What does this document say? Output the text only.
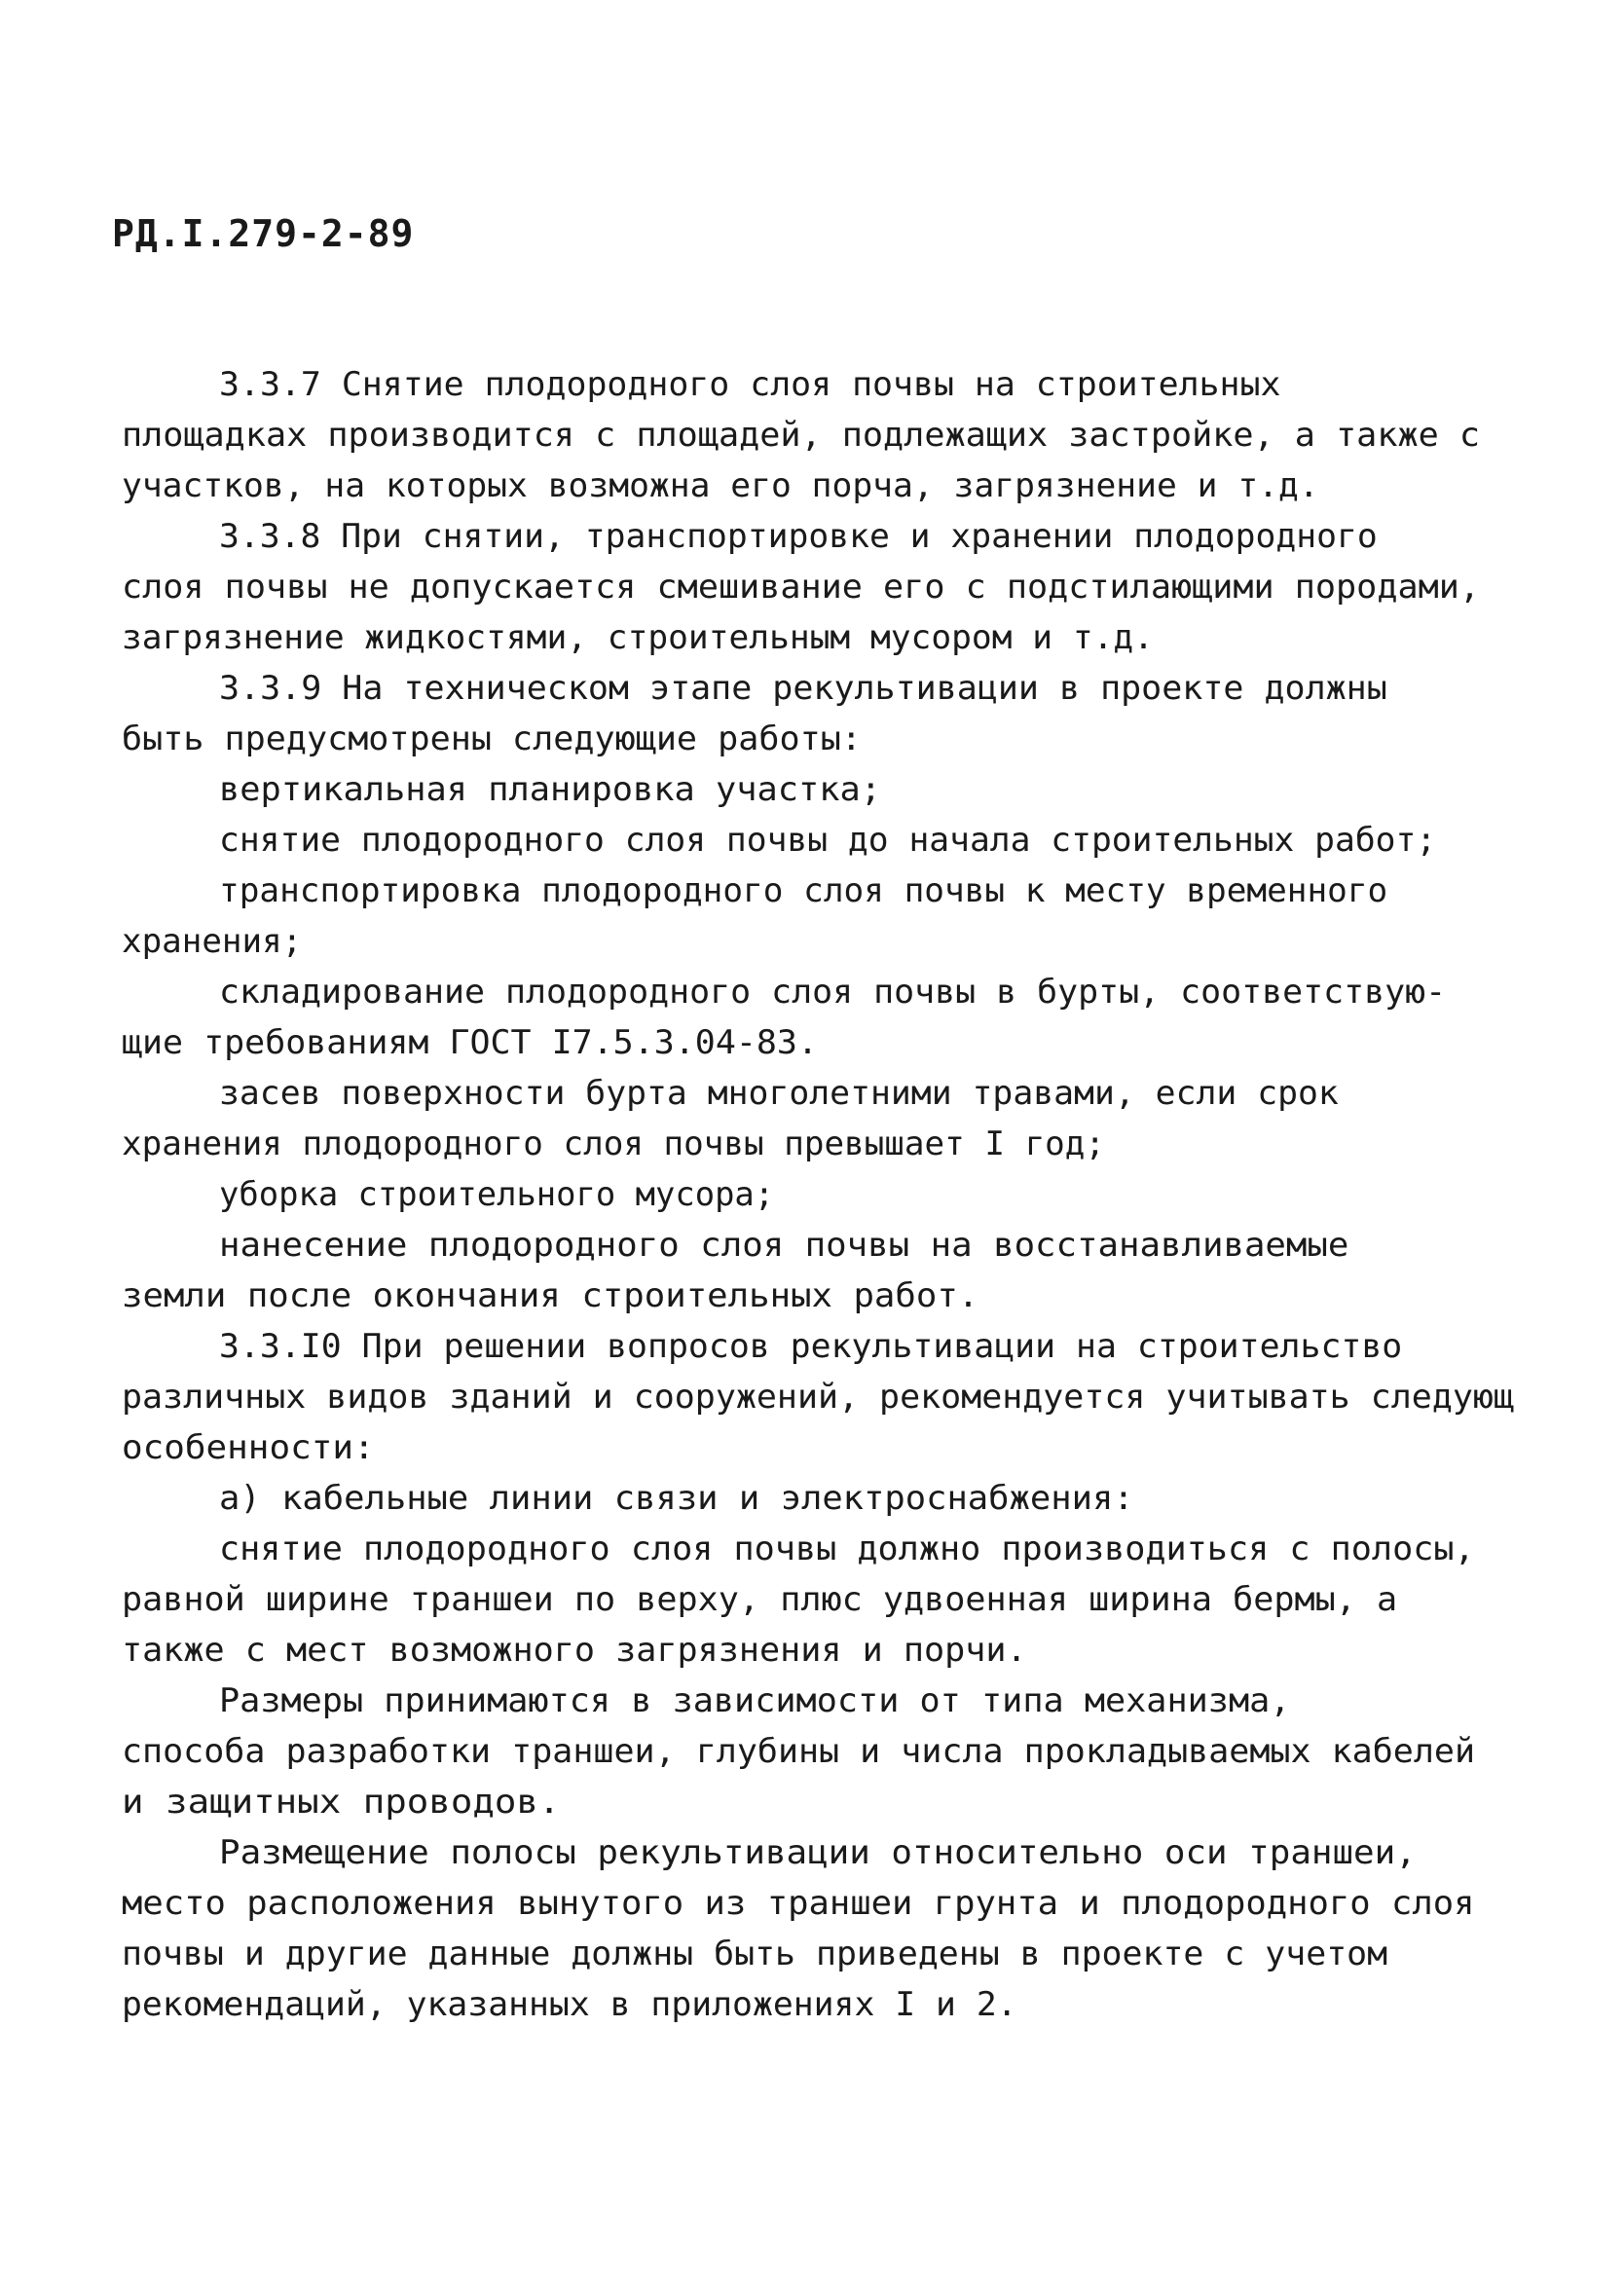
РД.I.279-2-89
3.3.7 Снятие плодородного слоя почвы на строительных
площадках производится с площадей, подлежащих застройке, а также с
участков, на которых возможна его порча, загрязнение и т.д.
3.3.8 При снятии, транспортировке и хранении плодородного
слоя почвы не допускается смешивание его с подстилающими породами,
загрязнение жидкостями, строительным мусором и т.д.
3.3.9 На техническом этапе рекультивации в проекте должны
быть предусмотрены следующие работы:
вертикальная планировка участка;
снятие плодородного слоя почвы до начала строительных работ;
транспортировка плодородного слоя почвы к месту временного
хранения;
складирование плодородного слоя почвы в бурты, соответствую-
щие требованиям ГОСТ I7.5.3.04-83.
засев поверхности бурта многолетними травами, если срок
хранения плодородного слоя почвы превышает I год;
уборка строительного мусора;
нанесение плодородного слоя почвы на восстанавливаемые
земли после окончания строительных работ.
3.3.I0 При решении вопросов рекультивации на строительство
различных видов зданий и сооружений, рекомендуется учитывать следующ
особенности:
а) кабельные линии связи и электроснабжения:
снятие плодородного слоя почвы должно производиться с полосы,
равной ширине траншеи по верху, плюс удвоенная ширина бермы, а
также с мест возможного загрязнения и порчи.
Размеры принимаются в зависимости от типа механизма,
способа разработки траншеи, глубины и числа прокладываемых кабелей
и защитных проводов.
Размещение полосы рекультивации относительно оси траншеи,
место расположения вынутого из траншеи грунта и плодородного слоя
почвы и другие данные должны быть приведены в проекте с учетом
рекомендаций, указанных в приложениях I и 2.
